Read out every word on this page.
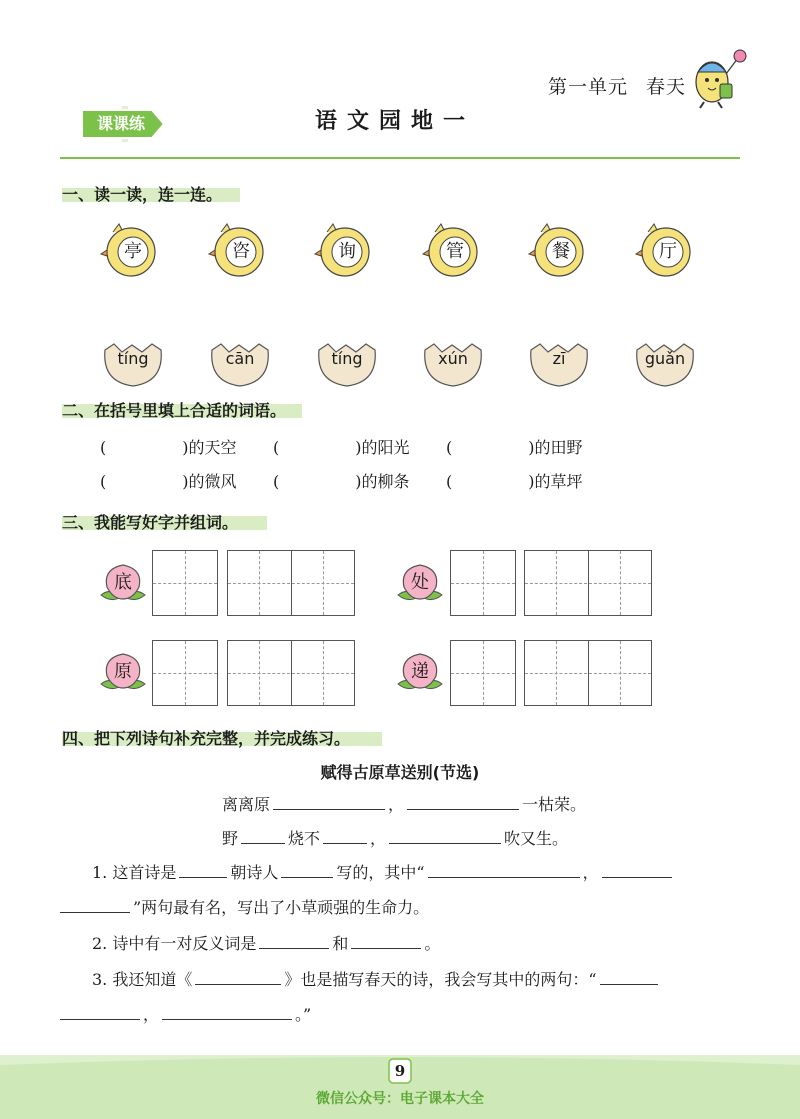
第一单元 春天
课课练	语文园地一
一、读一读，连一连。
亭	咨	询	管	餐	厅
tíng	cān	tíng	xún	zī	guǎn
二、在括号里填上合适的词语。
(	)的天空 (	)的阳光 (	)的田野
(	)的微风 (	)的柳条 (	)的草坪
三、我能写好字并组词。
底	处
原	递
四、把下列诗句补充完整，并完成练习。
赋得古原草送别(节选)
离离原	，	一枯荣。
野	烧不	，	吹又生。
1. 这首诗是	朝诗人	写的，其中“	，
”两句最有名，写出了小草顽强的生命力。
2. 诗中有一对反义词是	和	。
3. 我还知道《	》也是描写春天的诗，我会写其中的两句：“
，	。”
9
微信公众号：电子课本大全
